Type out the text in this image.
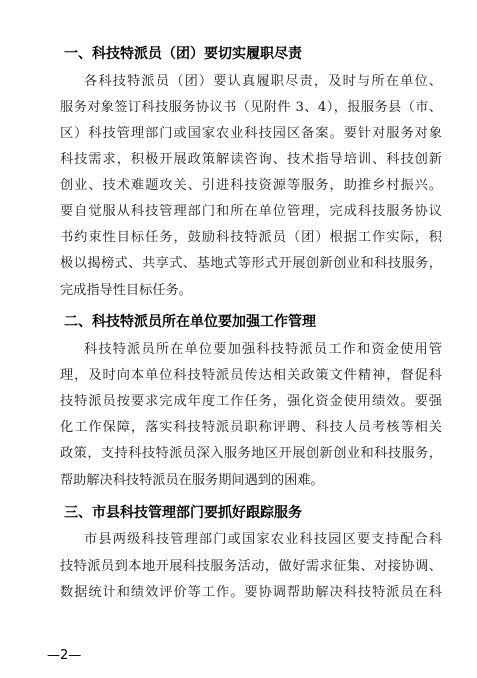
一、科技特派员（团）要切实履职尽责
各科技特派员（团）要认真履职尽责，及时与所在单位、
服务对象签订科技服务协议书（见附件 3、4），报服务县（市、
区）科技管理部门或国家农业科技园区备案。要针对服务对象
科技需求，积极开展政策解读咨询、技术指导培训、科技创新
创业、技术难题攻关、引进科技资源等服务，助推乡村振兴。
要自觉服从科技管理部门和所在单位管理，完成科技服务协议
书约束性目标任务，鼓励科技特派员（团）根据工作实际，积
极以揭榜式、共享式、基地式等形式开展创新创业和科技服务，
完成指导性目标任务。
二、科技特派员所在单位要加强工作管理
科技特派员所在单位要加强科技特派员工作和资金使用管
理，及时向本单位科技特派员传达相关政策文件精神，督促科
技特派员按要求完成年度工作任务，强化资金使用绩效。要强
化工作保障，落实科技特派员职称评聘、科技人员考核等相关
政策，支持科技特派员深入服务地区开展创新创业和科技服务，
帮助解决科技特派员在服务期间遇到的困难。
三、市县科技管理部门要抓好跟踪服务
市县两级科技管理部门或国家农业科技园区要支持配合科
技特派员到本地开展科技服务活动，做好需求征集、对接协调、
数据统计和绩效评价等工作。要协调帮助解决科技特派员在科
—2—
